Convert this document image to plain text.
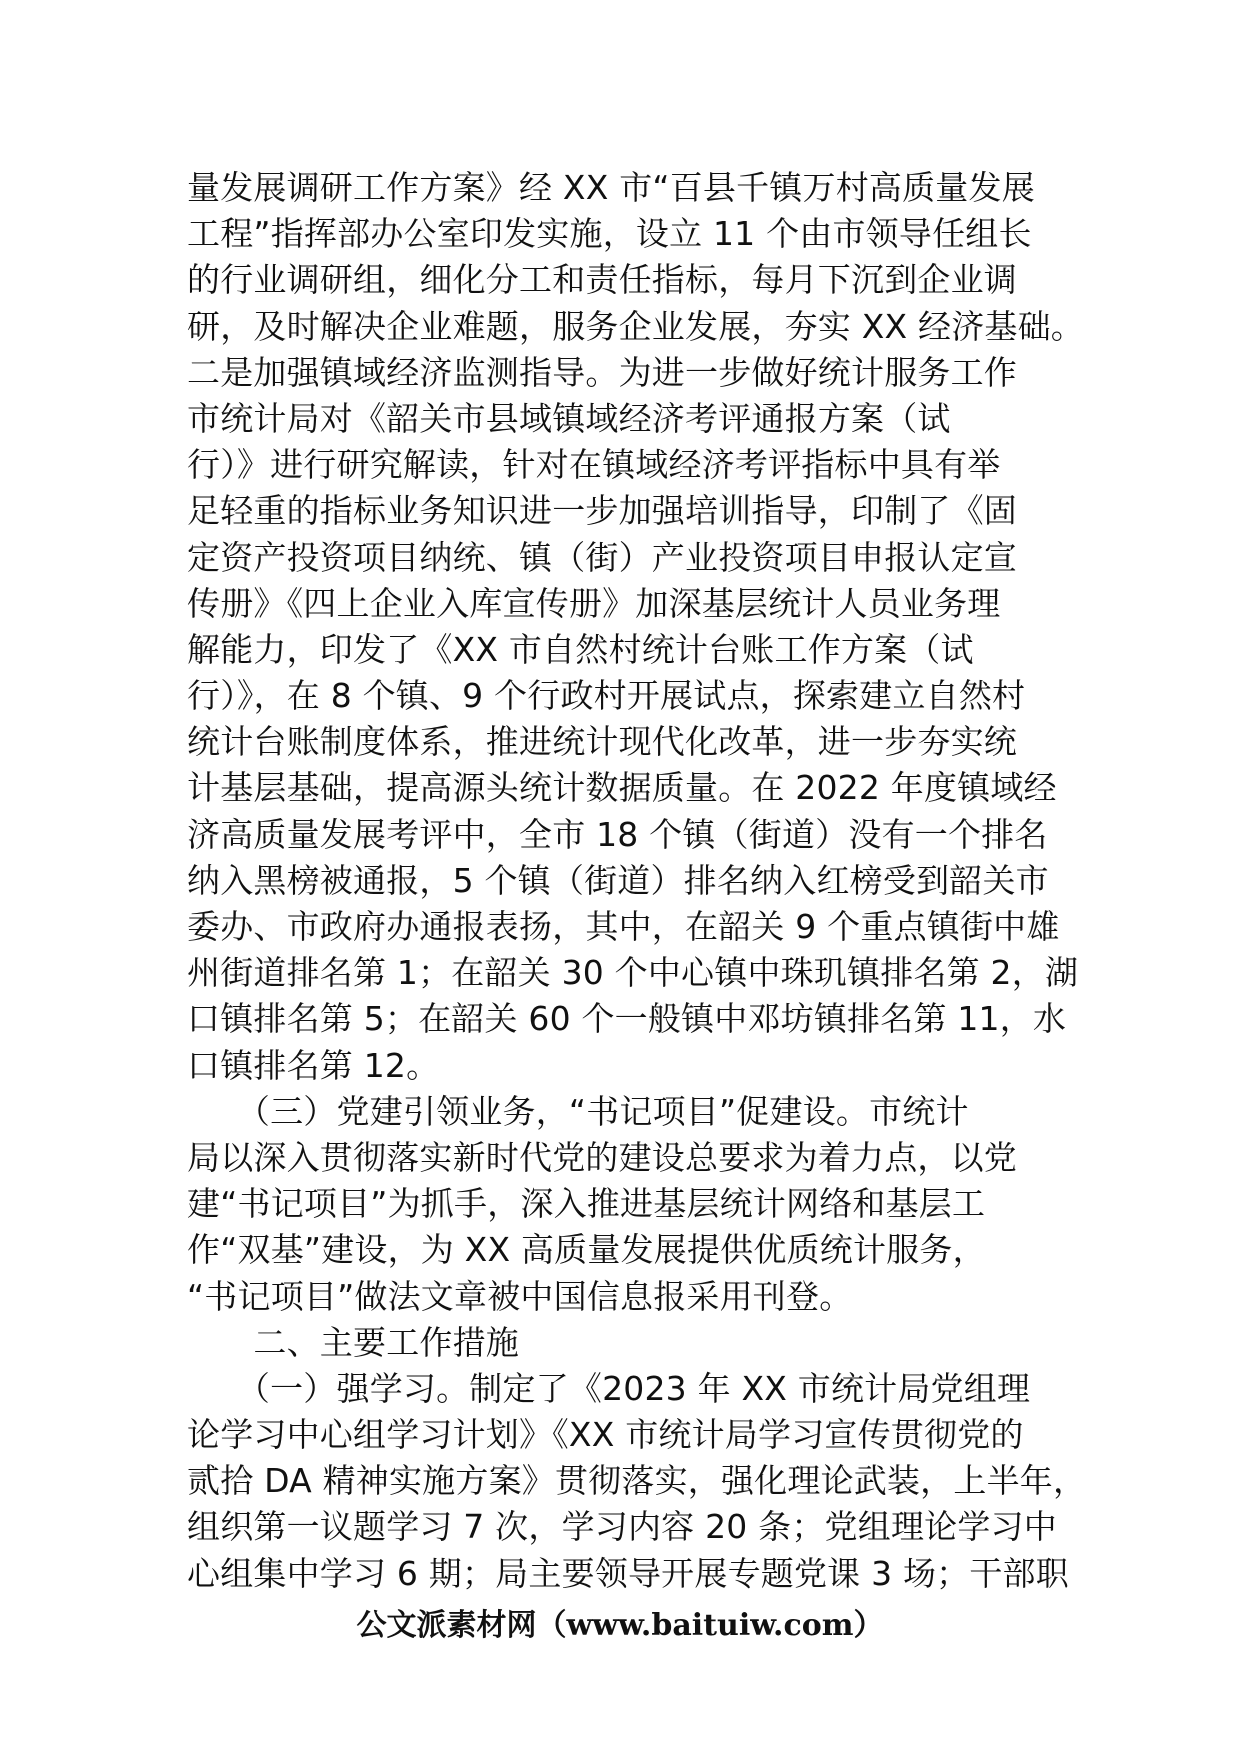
量发展调研工作方案》经 XX 市“百县千镇万村高质量发展
工程”指挥部办公室印发实施，设立 11 个由市领导任组长
的行业调研组，细化分工和责任指标，每月下沉到企业调
研，及时解决企业难题，服务企业发展，夯实 XX 经济基础。
二是加强镇域经济监测指导。为进一步做好统计服务工作
市统计局对《韶关市县域镇域经济考评通报方案（试
行）》进行研究解读，针对在镇域经济考评指标中具有举
足轻重的指标业务知识进一步加强培训指导，印制了《固
定资产投资项目纳统、镇（街）产业投资项目申报认定宣
传册》《四上企业入库宣传册》加深基层统计人员业务理
解能力，印发了《XX 市自然村统计台账工作方案（试
行）》，在 8 个镇、9 个行政村开展试点，探索建立自然村
统计台账制度体系，推进统计现代化改革，进一步夯实统
计基层基础，提高源头统计数据质量。在 2022 年度镇域经
济高质量发展考评中，全市 18 个镇（街道）没有一个排名
纳入黑榜被通报，5 个镇（街道）排名纳入红榜受到韶关市
委办、市政府办通报表扬，其中，在韶关 9 个重点镇街中雄
州街道排名第 1；在韶关 30 个中心镇中珠玑镇排名第 2，湖
口镇排名第 5；在韶关 60 个一般镇中邓坊镇排名第 11，水
口镇排名第 12。
　　（三）党建引领业务，“书记项目”促建设。市统计
局以深入贯彻落实新时代党的建设总要求为着力点，以党
建“书记项目”为抓手，深入推进基层统计网络和基层工
作“双基”建设，为 XX 高质量发展提供优质统计服务，
“书记项目”做法文章被中国信息报采用刊登。
　　二、主要工作措施
　　（一）强学习。制定了《2023 年 XX 市统计局党组理
论学习中心组学习计划》《XX 市统计局学习宣传贯彻党的
贰拾 DA 精神实施方案》贯彻落实，强化理论武装，上半年，
组织第一议题学习 7 次，学习内容 20 条；党组理论学习中
心组集中学习 6 期；局主要领导开展专题党课 3 场；干部职
公文派素材网（www.baituiw.com）
